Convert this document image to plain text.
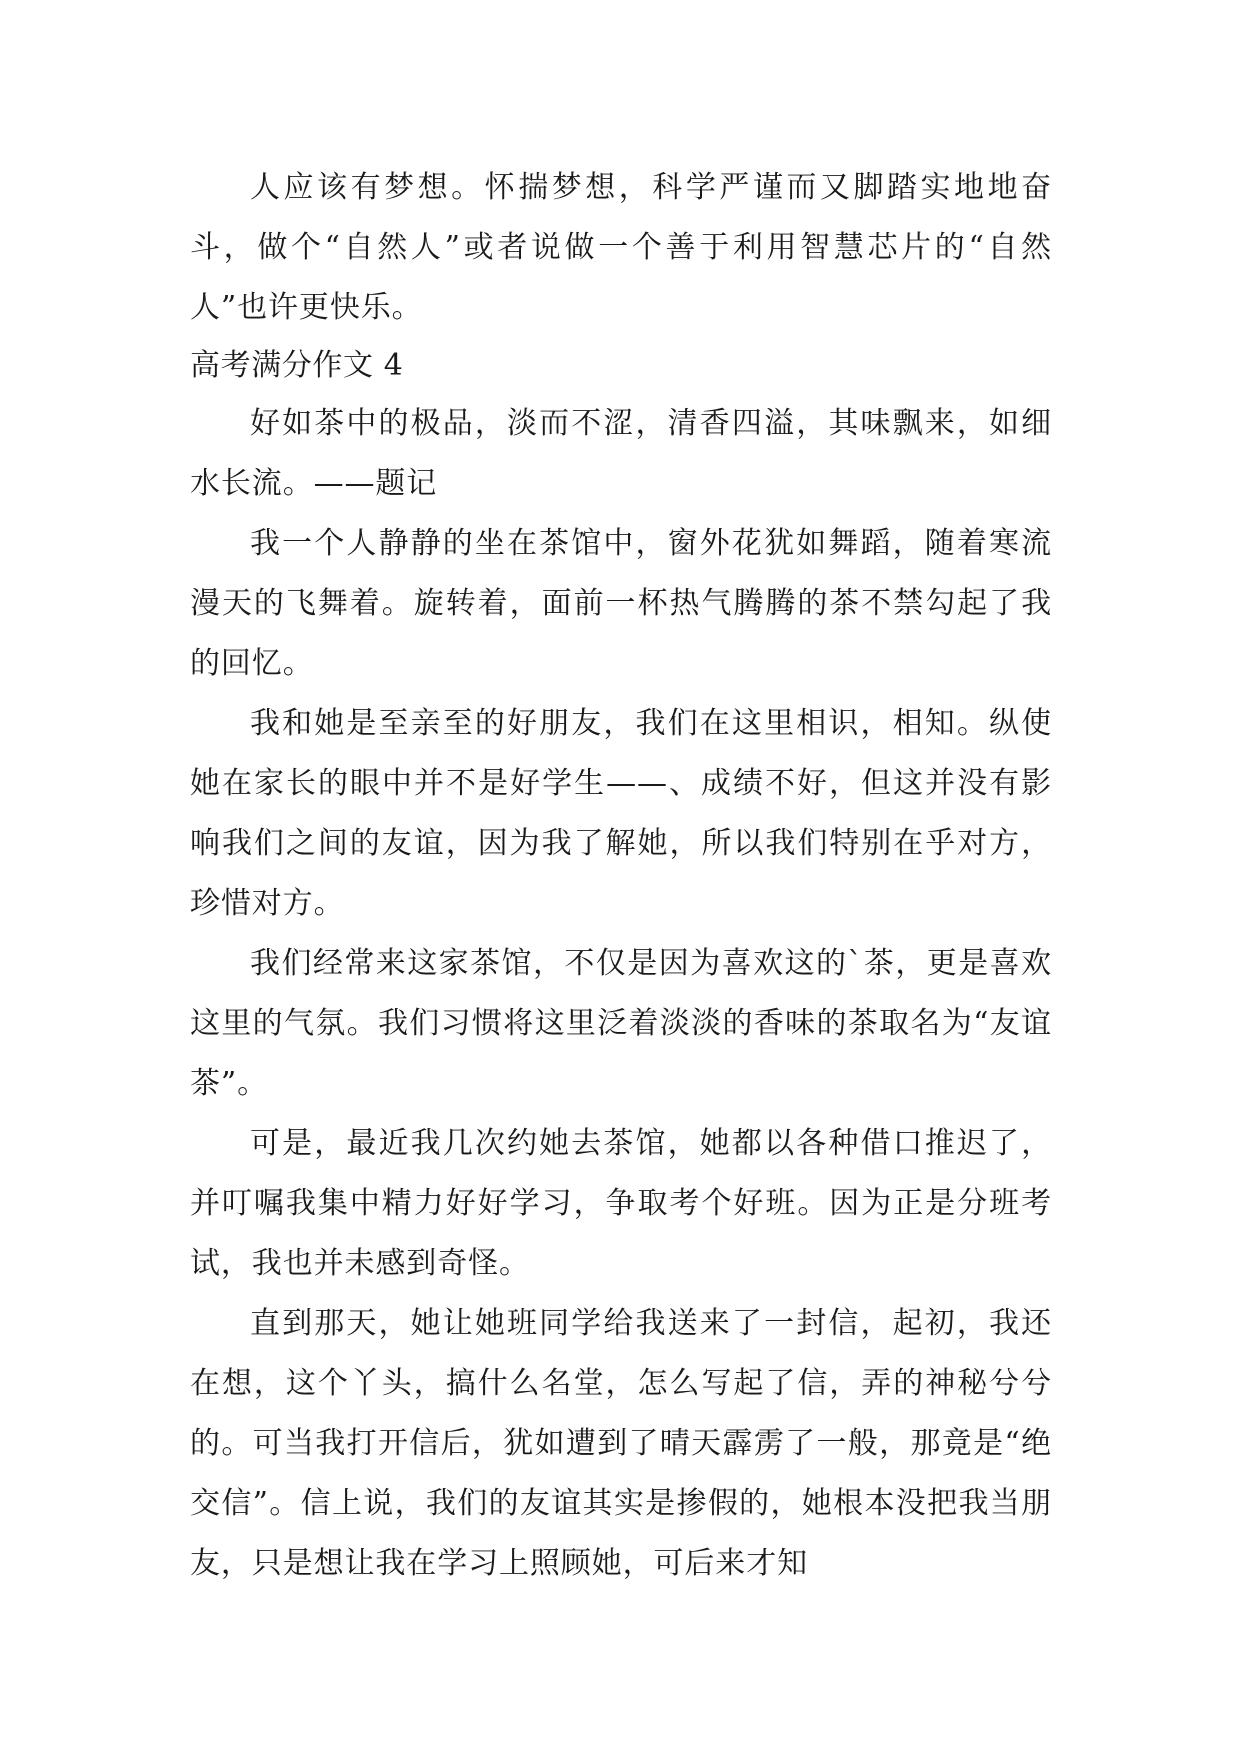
人应该有梦想。怀揣梦想，科学严谨而又脚踏实地地奋斗，做个“自然人”或者说做一个善于利用智慧芯片的“自然人”也许更快乐。

高考满分作文 4

好如茶中的极品，淡而不涩，清香四溢，其味飘来，如细水长流。——题记

我一个人静静的坐在茶馆中，窗外花犹如舞蹈，随着寒流漫天的飞舞着。旋转着，面前一杯热气腾腾的茶不禁勾起了我的回忆。

我和她是至亲至的好朋友，我们在这里相识，相知。纵使她在家长的眼中并不是好学生——、成绩不好，但这并没有影响我们之间的友谊，因为我了解她，所以我们特别在乎对方，珍惜对方。

我们经常来这家茶馆，不仅是因为喜欢这的`茶，更是喜欢这里的气氛。我们习惯将这里泛着淡淡的香味的茶取名为“友谊茶”。

可是，最近我几次约她去茶馆，她都以各种借口推迟了，并叮嘱我集中精力好好学习，争取考个好班。因为正是分班考试，我也并未感到奇怪。

直到那天，她让她班同学给我送来了一封信，起初，我还在想，这个丫头，搞什么名堂，怎么写起了信，弄的神秘兮兮的。可当我打开信后，犹如遭到了晴天霹雳了一般，那竟是“绝交信”。信上说，我们的友谊其实是掺假的，她根本没把我当朋友，只是想让我在学习上照顾她，可后来才知
